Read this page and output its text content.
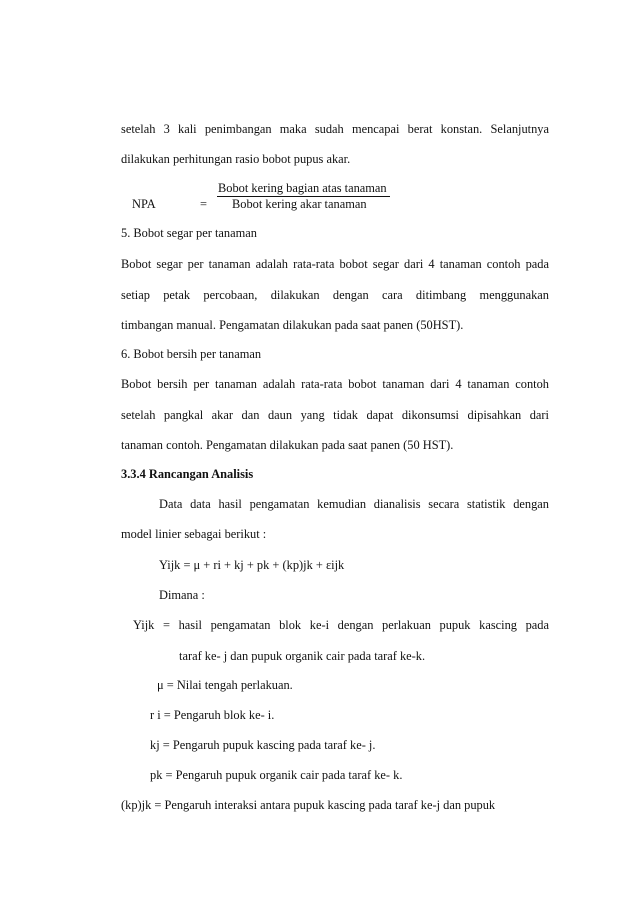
setelah 3 kali penimbangan maka sudah mencapai berat konstan. Selanjutnya
dilakukan perhitungan rasio bobot pupus akar.
NPA	=
Bobot kering bagian atas tanaman
Bobot kering akar tanaman
5. Bobot segar per tanaman
Bobot segar per tanaman adalah rata-rata bobot segar dari 4 tanaman contoh pada
setiap petak percobaan, dilakukan dengan cara ditimbang menggunakan
timbangan manual. Pengamatan dilakukan pada saat panen (50HST).
6. Bobot bersih per tanaman
Bobot bersih per tanaman adalah rata-rata bobot tanaman dari 4 tanaman contoh
setelah pangkal akar dan daun yang tidak dapat dikonsumsi dipisahkan dari
tanaman contoh. Pengamatan dilakukan pada saat panen (50 HST).
3.3.4 Rancangan Analisis
Data data hasil pengamatan kemudian dianalisis secara statistik dengan
model linier sebagai berikut :
Yijk = μ + ri + kj + pk + (kp)jk + εijk
Dimana :
Yijk = hasil pengamatan blok ke-i dengan perlakuan pupuk kascing pada
taraf ke- j dan pupuk organik cair pada taraf ke-k.
μ = Nilai tengah perlakuan.
r i = Pengaruh blok ke- i.
kj = Pengaruh pupuk kascing pada taraf ke- j.
pk = Pengaruh pupuk organik cair pada taraf ke- k.
(kp)jk = Pengaruh interaksi antara pupuk kascing pada taraf ke-j dan pupuk
